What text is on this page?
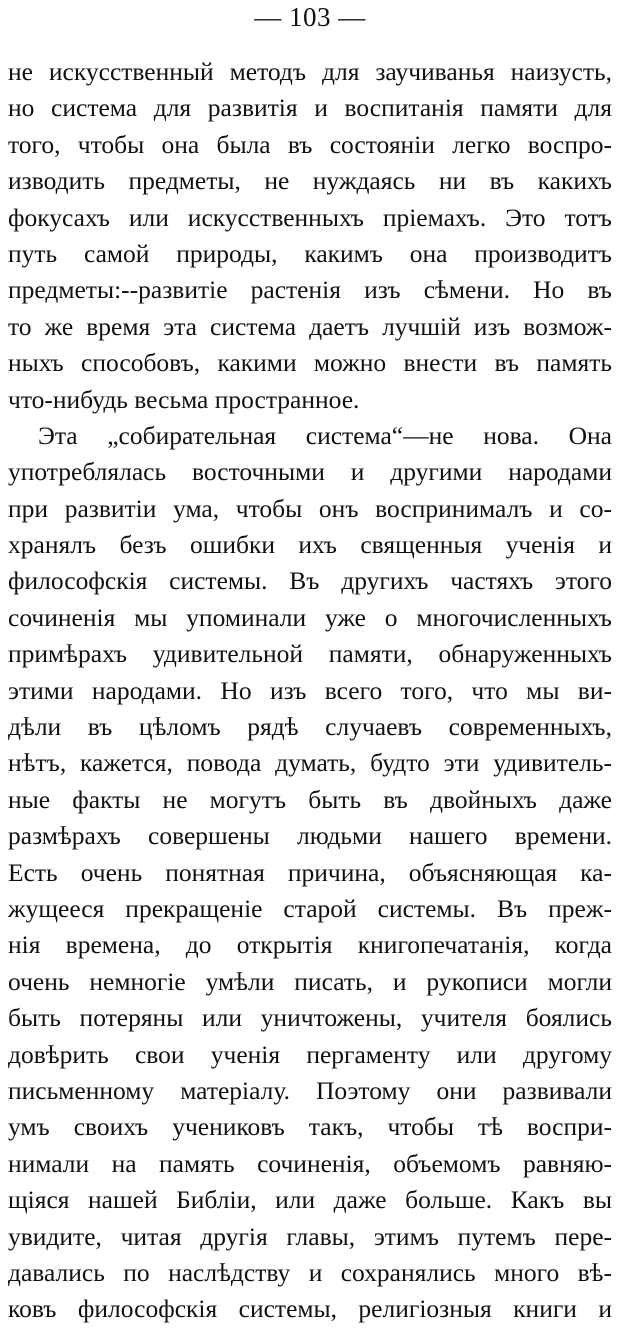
— 103 —
не искусственный методъ для заучиванья наизусть,
но система для развитія и воспитанія памяти для
того, чтобы она была въ состояніи легко воспро-
изводить предметы, не нуждаясь ни въ какихъ
фокусахъ или искусственныхъ пріемахъ. Это тотъ
путь самой природы, какимъ она производитъ
предметы:--развитіе растенія изъ сѣмени. Но въ
то же время эта система даетъ лучшій изъ возмож-
ныхъ способовъ, какими можно внести въ память
что-нибудь весьма пространное.
Эта „собирательная система“—не нова. Она
употреблялась восточными и другими народами
при развитіи ума, чтобы онъ воспринималъ и со-
хранялъ безъ ошибки ихъ священныя ученія и
философскія системы. Въ другихъ частяхъ этого
сочиненія мы упоминали уже о многочисленныхъ
примѣрахъ удивительной памяти, обнаруженныхъ
этими народами. Но изъ всего того, что мы ви-
дѣли въ цѣломъ рядѣ случаевъ современныхъ,
нѣтъ, кажется, повода думать, будто эти удивитель-
ные факты не могутъ быть въ двойныхъ даже
размѣрахъ совершены людьми нашего времени.
Есть очень понятная причина, объясняющая ка-
жущееся прекращеніе старой системы. Въ преж-
нія времена, до открытія книгопечатанія, когда
очень немногіе умѣли писать, и рукописи могли
быть потеряны или уничтожены, учителя боялись
довѣрить свои ученія пергаменту или другому
письменному матеріалу. Поэтому они развивали
умъ своихъ учениковъ такъ, чтобы тѣ воспри-
нимали на память сочиненія, объемомъ равняю-
щіяся нашей Библіи, или даже больше. Какъ вы
увидите, читая другія главы, этимъ путемъ пере-
давались по наслѣдству и сохранялись много вѣ-
ковъ философскія системы, религіозныя книги и
